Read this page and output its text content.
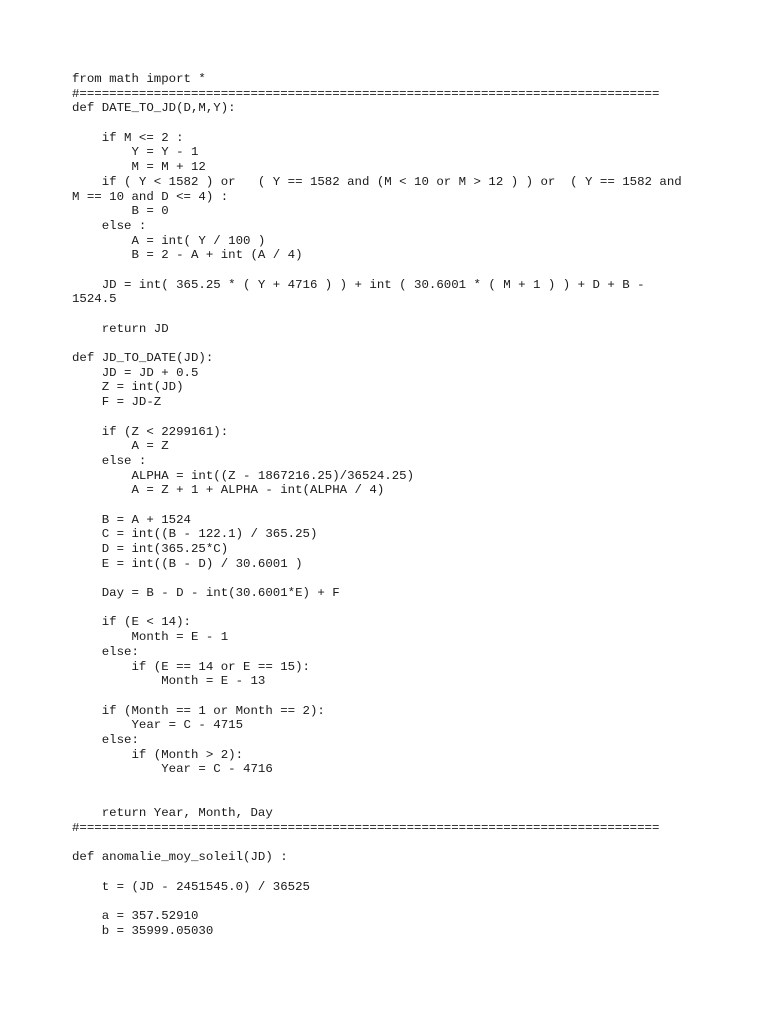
from math import *
#==============================================================================
def DATE_TO_JD(D,M,Y):
if M <= 2 :
Y = Y - 1
M = M + 12
if ( Y < 1582 ) or   ( Y == 1582 and (M < 10 or M > 12 ) ) or  ( Y == 1582 and
M == 10 and D <= 4) :
B = 0
else :
A = int( Y / 100 )
B = 2 - A + int (A / 4)
JD = int( 365.25 * ( Y + 4716 ) ) + int ( 30.6001 * ( M + 1 ) ) + D + B -
1524.5
return JD
def JD_TO_DATE(JD):
JD = JD + 0.5
Z = int(JD)
F = JD-Z
if (Z < 2299161):
A = Z
else :
ALPHA = int((Z - 1867216.25)/36524.25)
A = Z + 1 + ALPHA - int(ALPHA / 4)
B = A + 1524
C = int((B - 122.1) / 365.25)
D = int(365.25*C)
E = int((B - D) / 30.6001 )
Day = B - D - int(30.6001*E) + F
if (E < 14):
Month = E - 1
else:
if (E == 14 or E == 15):
Month = E - 13
if (Month == 1 or Month == 2):
Year = C - 4715
else:
if (Month > 2):
Year = C - 4716
return Year, Month, Day
#==============================================================================
def anomalie_moy_soleil(JD) :
t = (JD - 2451545.0) / 36525
a = 357.52910
b = 35999.05030
